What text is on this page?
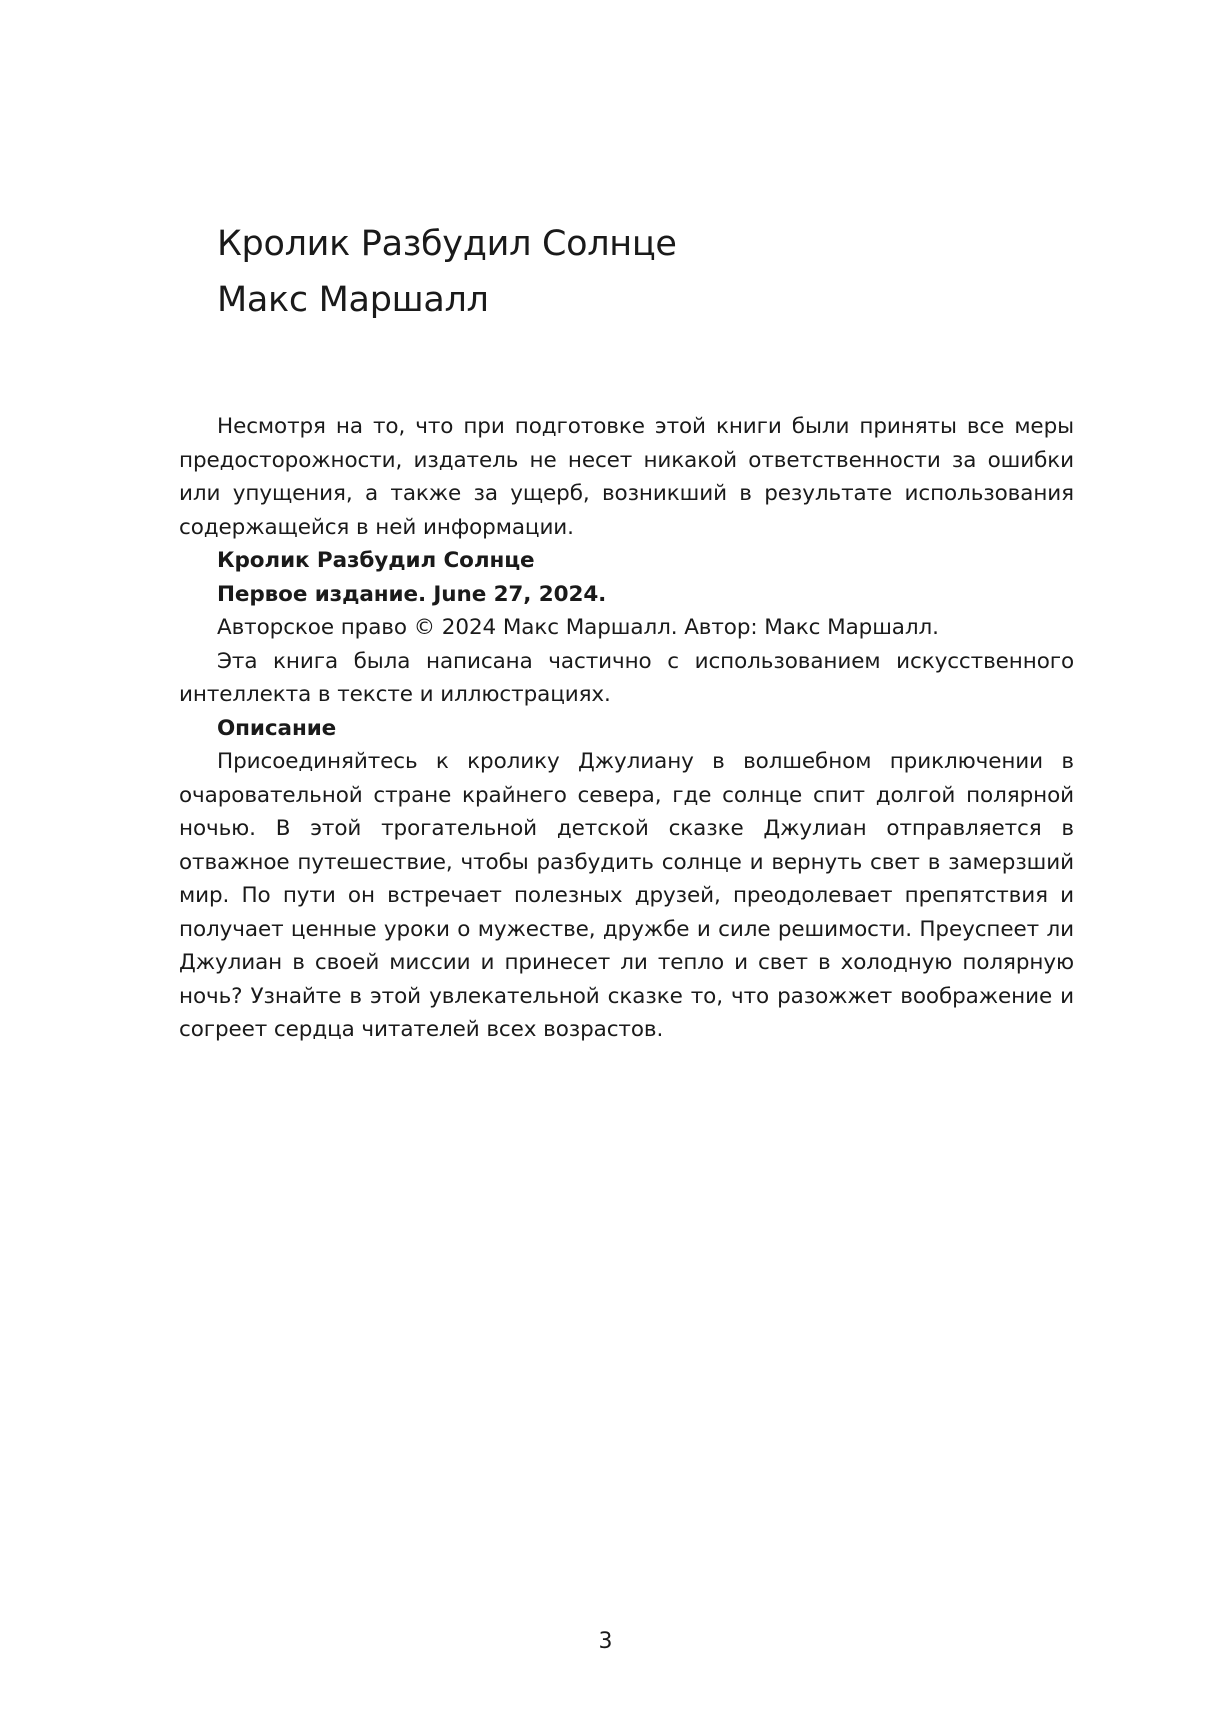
Кролик Разбудил Солнце
Макс Маршалл

Несмотря на то, что при подготовке этой книги были приняты все меры предосторожности, издатель не несет никакой ответственности за ошибки или упущения, а также за ущерб, возникший в результате использования содержащейся в ней информации.

Кролик Разбудил Солнце

Первое издание. June 27, 2024.

Авторское право © 2024 Макс Маршалл. Автор: Макс Маршалл.

Эта книга была написана частично с использованием искусственного интеллекта в тексте и иллюстрациях.

Описание

Присоединяйтесь к кролику Джулиану в волшебном приключении в очаровательной стране крайнего севера, где солнце спит долгой полярной ночью. В этой трогательной детской сказке Джулиан отправляется в отважное путешествие, чтобы разбудить солнце и вернуть свет в замерзший мир. По пути он встречает полезных друзей, преодолевает препятствия и получает ценные уроки о мужестве, дружбе и силе решимости. Преуспеет ли Джулиан в своей миссии и принесет ли тепло и свет в холодную полярную ночь? Узнайте в этой увлекательной сказке то, что разожжет воображение и согреет сердца читателей всех возрастов.

3
